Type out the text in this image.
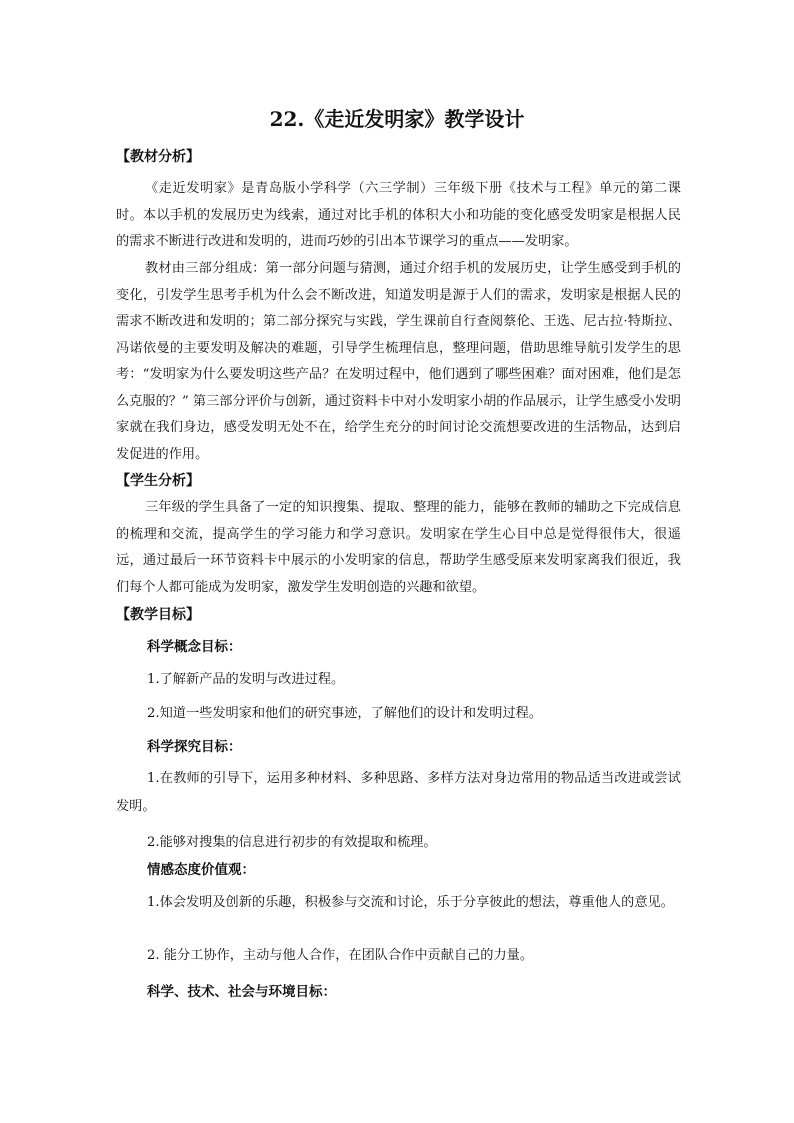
22.《走近发明家》教学设计
【教材分析】
《走近发明家》是青岛版小学科学（六三学制）三年级下册《技术与工程》单元的第二课时。本以手机的发展历史为线索，通过对比手机的体积大小和功能的变化感受发明家是根据人民的需求不断进行改进和发明的，进而巧妙的引出本节课学习的重点——发明家。
教材由三部分组成：第一部分问题与猜测，通过介绍手机的发展历史，让学生感受到手机的变化，引发学生思考手机为什么会不断改进，知道发明是源于人们的需求，发明家是根据人民的需求不断改进和发明的；第二部分探究与实践，学生课前自行查阅蔡伦、王选、尼古拉·特斯拉、冯诺依曼的主要发明及解决的难题，引导学生梳理信息，整理问题，借助思维导航引发学生的思考：“发明家为什么要发明这些产品？在发明过程中，他们遇到了哪些困难？面对困难，他们是怎么克服的？” 第三部分评价与创新，通过资料卡中对小发明家小胡的作品展示，让学生感受小发明家就在我们身边，感受发明无处不在，给学生充分的时间讨论交流想要改进的生活物品，达到启发促进的作用。
【学生分析】
三年级的学生具备了一定的知识搜集、提取、整理的能力，能够在教师的辅助之下完成信息的梳理和交流，提高学生的学习能力和学习意识。发明家在学生心目中总是觉得很伟大，很遥远，通过最后一环节资料卡中展示的小发明家的信息，帮助学生感受原来发明家离我们很近，我们每个人都可能成为发明家，激发学生发明创造的兴趣和欲望。
【教学目标】
科学概念目标：
1.了解新产品的发明与改进过程。
2.知道一些发明家和他们的研究事迹，了解他们的设计和发明过程。
科学探究目标：
1.在教师的引导下，运用多种材料、多种思路、多样方法对身边常用的物品适当改进或尝试发明。
2.能够对搜集的信息进行初步的有效提取和梳理。
情感态度价值观：
1.体会发明及创新的乐趣，积极参与交流和讨论，乐于分享彼此的想法，尊重他人的意见。
2. 能分工协作，主动与他人合作，在团队合作中贡献自己的力量。
科学、技术、社会与环境目标：
